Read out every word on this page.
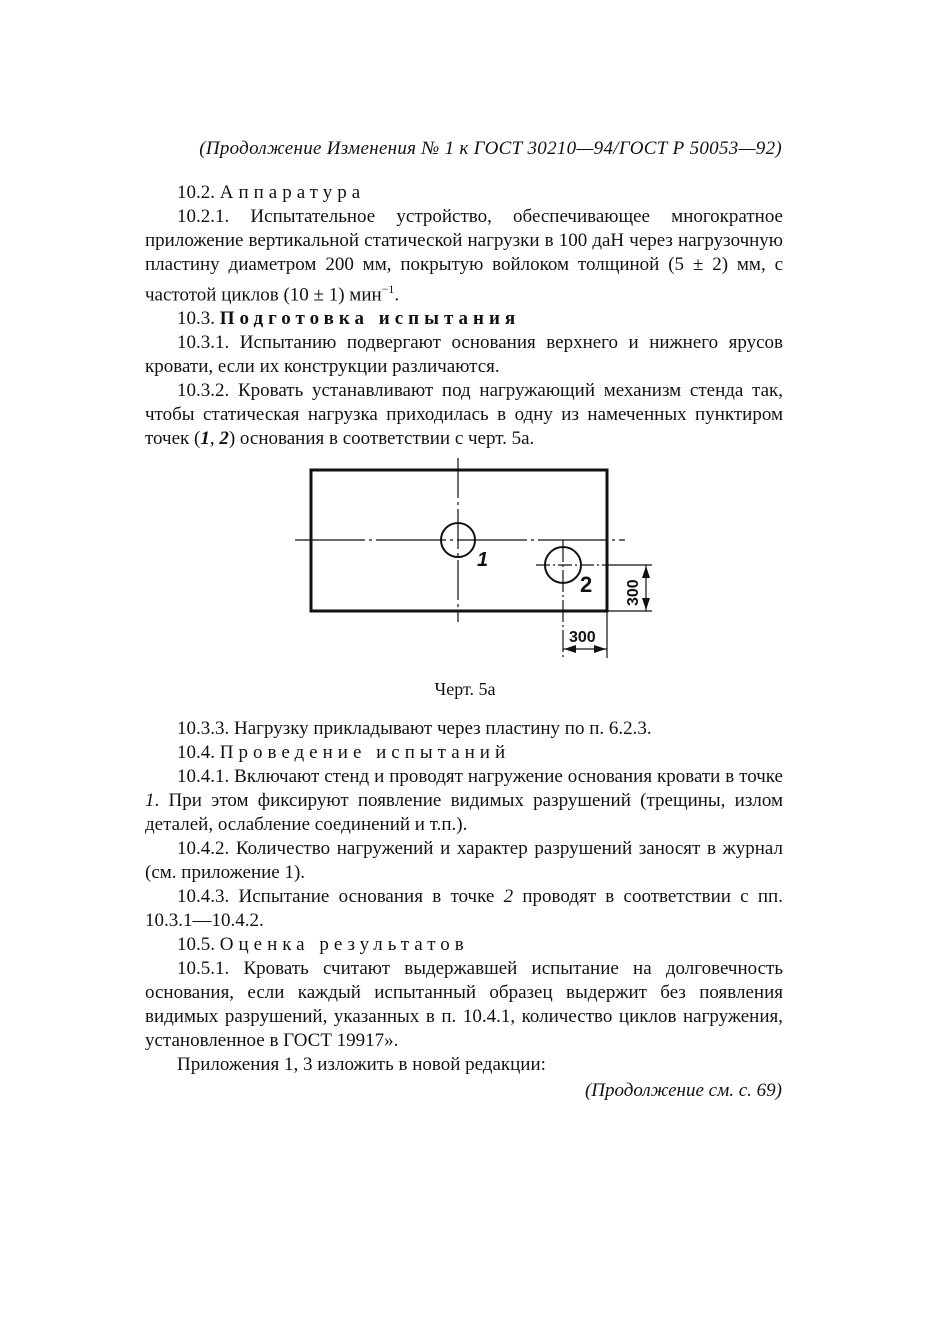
(Продолжение Изменения № 1 к ГОСТ 30210—94/ГОСТ Р 50053—92)

10.2. Аппаратура

10.2.1. Испытательное устройство, обеспечивающее многократное приложение вертикальной статической нагрузки в 100 даН через нагрузочную пластину диаметром 200 мм, покрытую войлоком толщиной (5 ± 2) мм, с частотой циклов (10 ± 1) мин$^{-1}$.

10.3. Подготовка испытания

10.3.1. Испытанию подвергают основания верхнего и нижнего ярусов кровати, если их конструкции различаются.

10.3.2. Кровать устанавливают под нагружающий механизм стенда так, чтобы статическая нагрузка приходилась в одну из намеченных пунктиром точек (1, 2) основания в соответствии с черт. 5а.

1
2 300
300
Черт. 5а

10.3.3. Нагрузку прикладывают через пластину по п. 6.2.3.

10.4. Проведение испытаний

10.4.1. Включают стенд и проводят нагружение основания кровати в точке 1. При этом фиксируют появление видимых разрушений (трещины, излом деталей, ослабление соединений и т.п.).

10.4.2. Количество нагружений и характер разрушений заносят в журнал (см. приложение 1).

10.4.3. Испытание основания в точке 2 проводят в соответствии с пп. 10.3.1—10.4.2.

10.5. Оценка результатов

10.5.1. Кровать считают выдержавшей испытание на долговечность основания, если каждый испытанный образец выдержит без появления видимых разрушений, указанных в п. 10.4.1, количество циклов нагружения, установленное в ГОСТ 19917».

Приложения 1, 3 изложить в новой редакции:

(Продолжение см. с. 69)
